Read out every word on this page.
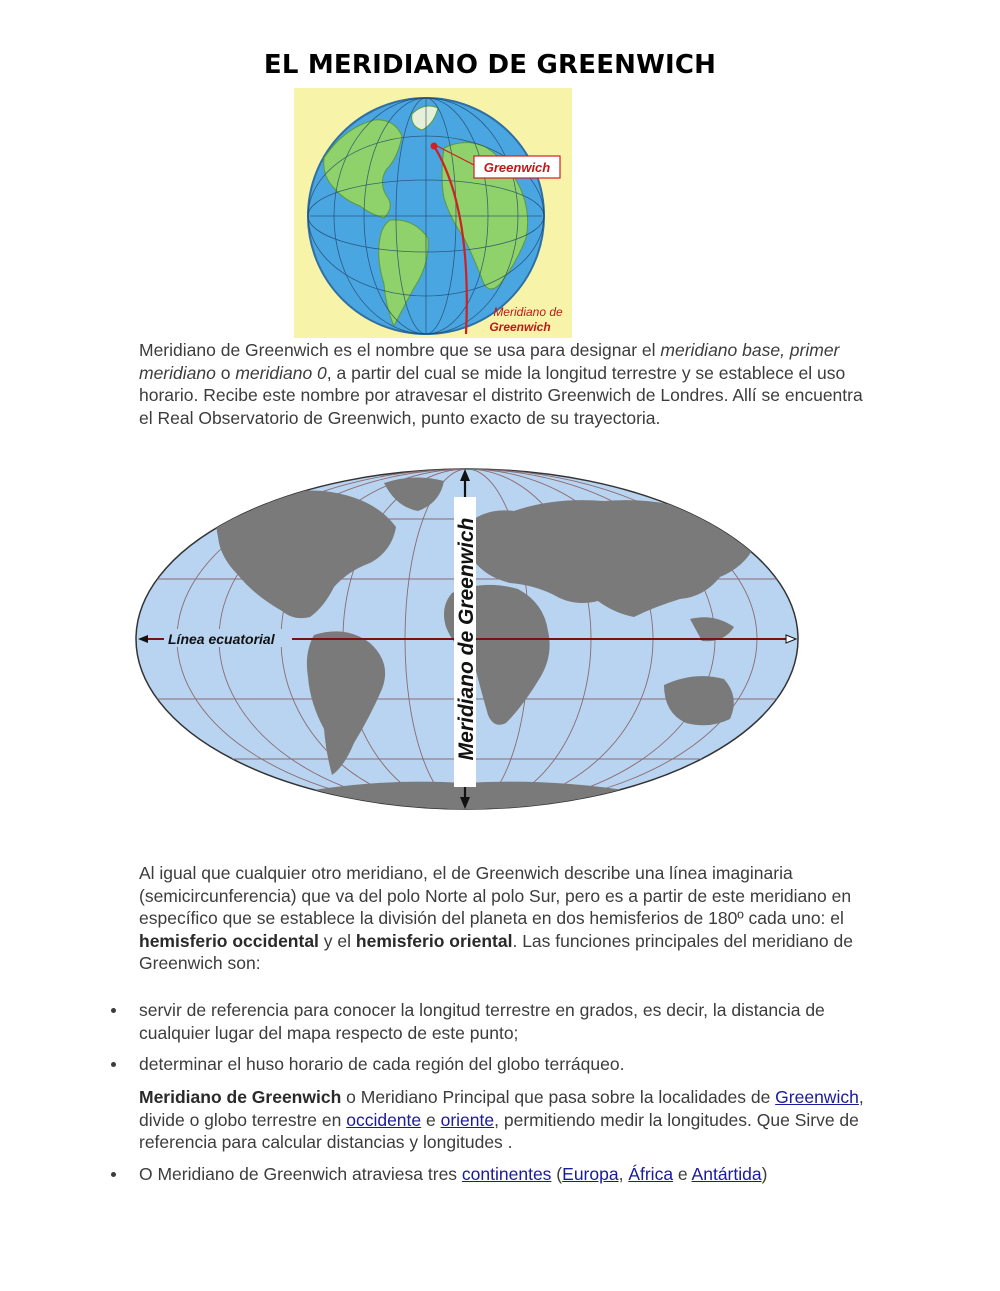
EL MERIDIANO DE GREENWICH
Greenwich
Meridiano de
Greenwich
Meridiano de Greenwich es el nombre que se usa para designar el meridiano base, primer meridiano o meridiano 0, a partir del cual se mide la longitud terrestre y se establece el uso horario. Recibe este nombre por atravesar el distrito Greenwich de Londres. Allí se encuentra el Real Observatorio de Greenwich, punto exacto de su trayectoria.
Línea ecuatorial	Meridiano de Greenwich
Al igual que cualquier otro meridiano, el de Greenwich describe una línea imaginaria (semicircunferencia) que va del polo Norte al polo Sur, pero es a partir de este meridiano en específico que se establece la división del planeta en dos hemisferios de 180º cada uno: el hemisferio occidental y el hemisferio oriental. Las funciones principales del meridiano de Greenwich son:
servir de referencia para conocer la longitud terrestre en grados, es decir, la distancia de cualquier lugar del mapa respecto de este punto;
determinar el huso horario de cada región del globo terráqueo.
Meridiano de Greenwich o Meridiano Principal que pasa sobre la localidades de Greenwich, divide o globo terrestre en occidente e oriente, permitiendo medir la longitudes. Que Sirve de referencia para calcular distancias y longitudes .
O Meridiano de Greenwich atraviesa tres continentes (Europa, África e Antártida)
